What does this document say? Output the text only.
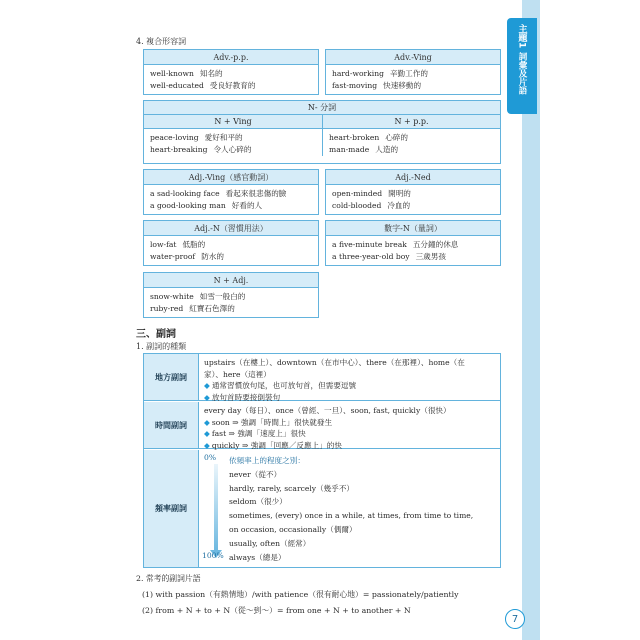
主題1
詞彙及片語
4. 複合形容詞
Adv.-p.p.
well-known 知名的
well-educated 受良好教育的
Adv.-Ving
hard-working 辛勤工作的
fast-moving 快速移動的
N- 分詞
N + Ving
peace-loving 愛好和平的
heart-breaking 令人心碎的
N + p.p.
heart-broken 心碎的
man-made 人造的
Adj.-Ving（感官動詞）
a sad-looking face 看起來很悲傷的臉
a good-looking man 好看的人
Adj.-Ned
open-minded 開明的
cold-blooded 冷血的
Adj.-N（習慣用法）
low-fat 低脂的
water-proof 防水的
數字-N（量詞）
a five-minute break 五分鐘的休息
a three-year-old boy 三歲男孩
N + Adj.
snow-white 如雪一般白的
ruby-red 紅寶石色澤的
三、副詞
1. 副詞的種類
地方副詞
upstairs（在樓上）、downtown（在市中心）、there（在那裡）、home（在
家）、here（這裡）
◆ 通常習慣放句尾，也可放句首，但需要逗號
◆ 放句首時要接倒裝句
時間副詞
every day（每日）、once（曾經、一旦）、soon, fast, quickly（很快）
◆ soon ⇒ 強調「時間上」很快就發生
◆ fast ⇒ 強調「速度上」很快
◆ quickly ⇒ 強調「回應／反應上」的快
頻率副詞
0%
100%
依頻率上的程度之別：
never（從不）
hardly, rarely, scarcely（幾乎不）
seldom（很少）
sometimes, (every) once in a while, at times, from time to time,
on occasion, occasionally（偶爾）
usually, often（經常）
always（總是）
2. 常考的副詞片語
(1) with passion（有熱情地）/with patience（很有耐心地）= passionately/patiently
(2) from + N + to + N（從～到～）= from one + N + to another + N
7
